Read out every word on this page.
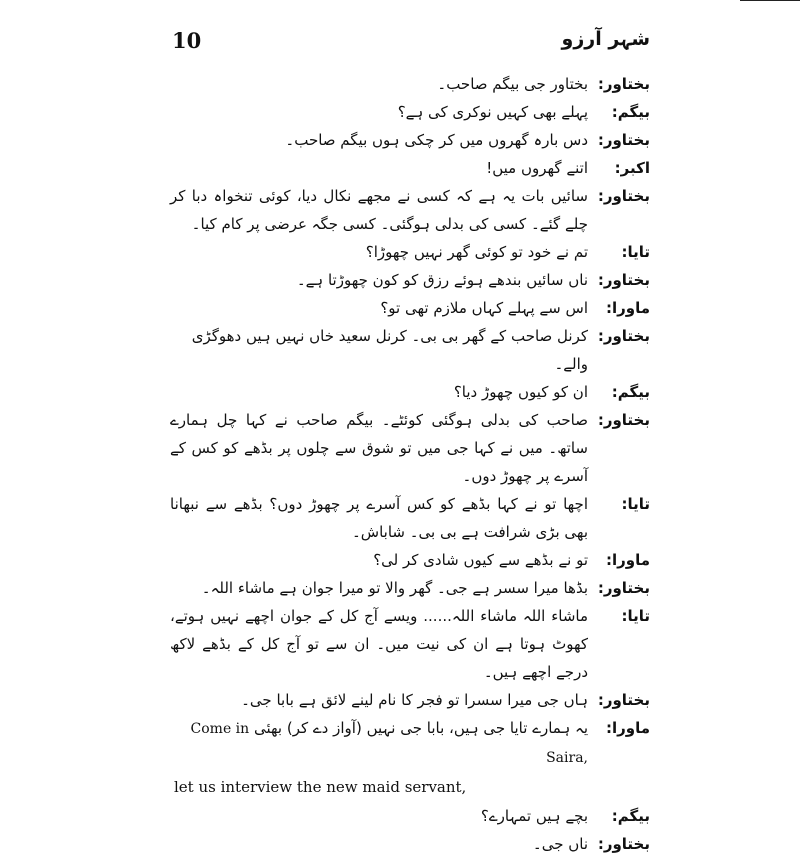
10	شہر آرزو
بختاور:
بختاور جی بیگم صاحب۔
بیگم:
پہلے بھی کہیں نوکری کی ہے؟
بختاور:
دس بارہ گھروں میں کر چکی ہوں بیگم صاحب۔
اکبر:
اتنے گھروں میں!
بختاور:
سائیں بات یہ ہے کہ کسی نے مجھے نکال دیا، کوئی تنخواہ دبا کر چلے گئے۔ کسی کی بدلی ہوگئی۔ کسی جگہ عرضی پر کام کیا۔
تایا:
تم نے خود تو کوئی گھر نہیں چھوڑا؟
بختاور:
ناں سائیں بندھے ہوئے رزق کو کون چھوڑتا ہے۔
ماورا:
اس سے پہلے کہاں ملازم تھی تو؟
بختاور:
کرنل صاحب کے گھر بی بی۔ کرنل سعید خاں نہیں ہیں دھوگڑی والے۔
بیگم:
ان کو کیوں چھوڑ دیا؟
بختاور:
صاحب کی بدلی ہوگئی کوئٹے۔ بیگم صاحب نے کہا چل ہمارے ساتھ۔ میں نے کہا جی میں تو شوق سے چلوں پر بڈھے کو کس کے آسرے پر چھوڑ دوں۔
تایا:
اچھا تو نے کہا بڈھے کو کس آسرے پر چھوڑ دوں؟ بڈھے سے نبھانا بھی بڑی شرافت ہے بی بی۔ شاباش۔
ماورا:
تو نے بڈھے سے کیوں شادی کر لی؟
بختاور:
بڈھا میرا سسر ہے جی۔ گھر والا تو میرا جوان ہے ماشاء اللہ۔
تایا:
ماشاء اللہ ماشاء اللہ...... ویسے آج کل کے جوان اچھے نہیں ہوتے، کھوٹ ہوتا ہے ان کی نیت میں۔ ان سے تو آج کل کے بڈھے لاکھ درجے اچھے ہیں۔
بختاور:
ہاں جی میرا سسرا تو فجر کا نام لینے لائق ہے بابا جی۔
ماورا:
یہ ہمارے تایا جی ہیں، بابا جی نہیں (آواز دے کر) بھئی Come in Saira,
let us interview the new maid servant,
بیگم:
بچے ہیں تمہارے؟
بختاور:
ناں جی۔
